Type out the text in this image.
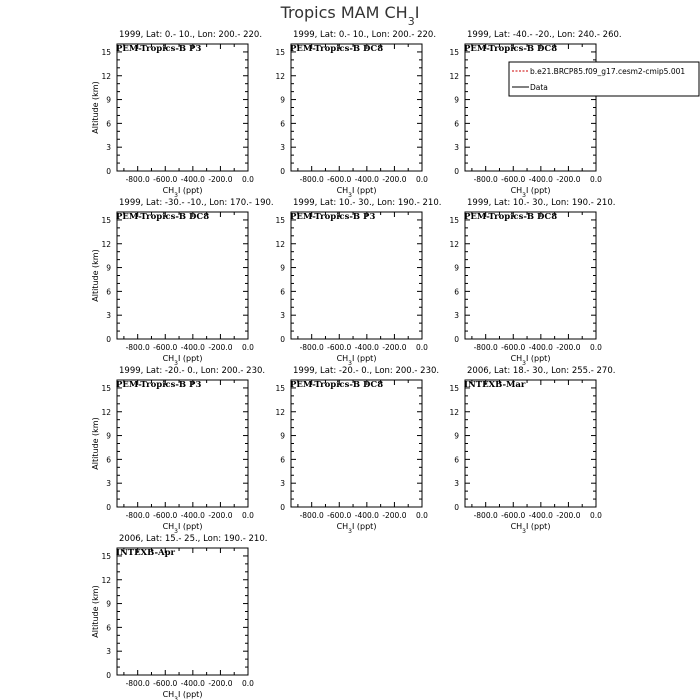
Tropics MAM $CH_3I$
1999, Lat: 0.- 10., Lon: 200.- 220.
PEM-Tropics-B P3
-800.0 -600.0 -400.0 -200.0 0.0
0
3
6
9
12
15
$CH_3I$ (ppt)
Altitude (km)
1999, Lat: 0.- 10., Lon: 200.- 220.
PEM-Tropics-B DC8
-800.0 -600.0 -400.0 -200.0 0.0
0
3
6
9
12
15
$CH_3I$ (ppt)
1999, Lat: -40.- -20., Lon: 240.- 260.
PEM-Tropics-B DC8
-800.0 -600.0 -400.0 -200.0 0.0
0
3
6
9
12
15
$CH_3I$ (ppt)
b.e21.BRCP85.f09_g17.cesm2-cmip5.001
Data
1999, Lat: -30.- -10., Lon: 170.- 190.
PEM-Tropics-B DC8
-800.0 -600.0 -400.0 -200.0 0.0
0
3
6
9
12
15
$CH_3I$ (ppt)
Altitude (km)
1999, Lat: 10.- 30., Lon: 190.- 210.
PEM-Tropics-B P3
-800.0 -600.0 -400.0 -200.0 0.0
0
3
6
9
12
15
$CH_3I$ (ppt)
1999, Lat: 10.- 30., Lon: 190.- 210.
PEM-Tropics-B DC8
-800.0 -600.0 -400.0 -200.0 0.0
0
3
6
9
12
15
$CH_3I$ (ppt)
1999, Lat: -20.- 0., Lon: 200.- 230.
PEM-Tropics-B P3
-800.0 -600.0 -400.0 -200.0 0.0
0
3
6
9
12
15
$CH_3I$ (ppt)
Altitude (km)
1999, Lat: -20.- 0., Lon: 200.- 230.
PEM-Tropics-B DC8
-800.0 -600.0 -400.0 -200.0 0.0
0
3
6
9
12
15
$CH_3I$ (ppt)
2006, Lat: 18.- 30., Lon: 255.- 270.
INTEXB-Mar
-800.0 -600.0 -400.0 -200.0 0.0
0
3
6
9
12
15
$CH_3I$ (ppt)
2006, Lat: 15.- 25., Lon: 190.- 210.
INTEXB-Apr
-800.0 -600.0 -400.0 -200.0 0.0
0
3
6
9
12
15
$CH_3I$ (ppt)
Altitude (km)
